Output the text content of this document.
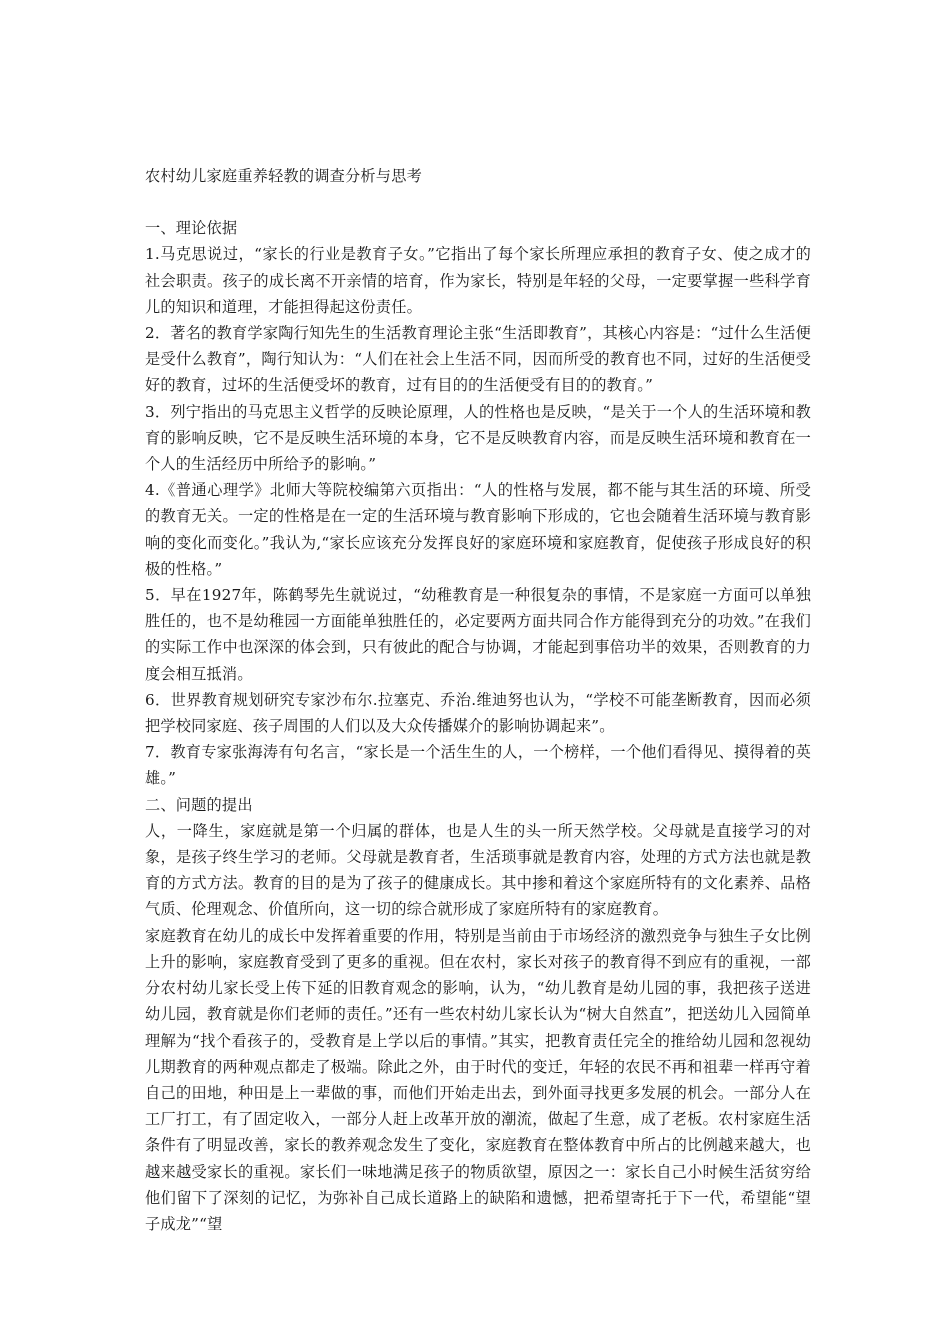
农村幼儿家庭重养轻教的调查分析与思考

一、理论依据

1.马克思说过，“家长的行业是教育子女。”它指出了每个家长所理应承担的教育子女、使之成才的社会职责。孩子的成长离不开亲情的培育，作为家长，特别是年轻的父母，一定要掌握一些科学育儿的知识和道理，才能担得起这份责任。

2．著名的教育学家陶行知先生的生活教育理论主张“生活即教育”，其核心内容是：“过什么生活便是受什么教育”，陶行知认为：“人们在社会上生活不同，因而所受的教育也不同，过好的生活便受好的教育，过坏的生活便受坏的教育，过有目的的生活便受有目的的教育。”

3．列宁指出的马克思主义哲学的反映论原理，人的性格也是反映，“是关于一个人的生活环境和教育的影响反映，它不是反映生活环境的本身，它不是反映教育内容，而是反映生活环境和教育在一个人的生活经历中所给予的影响。”

4.《普通心理学》北师大等院校编第六页指出：“人的性格与发展，都不能与其生活的环境、所受的教育无关。一定的性格是在一定的生活环境与教育影响下形成的，它也会随着生活环境与教育影响的变化而变化。”我认为,“家长应该充分发挥良好的家庭环境和家庭教育，促使孩子形成良好的积极的性格。”

5．早在1927年，陈鹤琴先生就说过，“幼稚教育是一种很复杂的事情，不是家庭一方面可以单独胜任的，也不是幼稚园一方面能单独胜任的，必定要两方面共同合作方能得到充分的功效。”在我们的实际工作中也深深的体会到，只有彼此的配合与协调，才能起到事倍功半的效果，否则教育的力度会相互抵消。

6．世界教育规划研究专家沙布尔.拉塞克、乔治.维迪努也认为，“学校不可能垄断教育，因而必须把学校同家庭、孩子周围的人们以及大众传播媒介的影响协调起来”。

7．教育专家张海涛有句名言，“家长是一个活生生的人，一个榜样，一个他们看得见、摸得着的英雄。”

二、问题的提出

人，一降生，家庭就是第一个归属的群体，也是人生的头一所天然学校。父母就是直接学习的对象，是孩子终生学习的老师。父母就是教育者，生活琐事就是教育内容，处理的方式方法也就是教育的方式方法。教育的目的是为了孩子的健康成长。其中掺和着这个家庭所特有的文化素养、品格气质、伦理观念、价值所向，这一切的综合就形成了家庭所特有的家庭教育。

家庭教育在幼儿的成长中发挥着重要的作用，特别是当前由于市场经济的激烈竞争与独生子女比例上升的影响，家庭教育受到了更多的重视。但在农村，家长对孩子的教育得不到应有的重视，一部分农村幼儿家长受上传下延的旧教育观念的影响，认为，“幼儿教育是幼儿园的事，我把孩子送进幼儿园，教育就是你们老师的责任。”还有一些农村幼儿家长认为“树大自然直”，把送幼儿入园简单理解为“找个看孩子的，受教育是上学以后的事情。”其实，把教育责任完全的推给幼儿园和忽视幼儿期教育的两种观点都走了极端。除此之外，由于时代的变迁，年轻的农民不再和祖辈一样再守着自己的田地，种田是上一辈做的事，而他们开始走出去，到外面寻找更多发展的机会。一部分人在工厂打工，有了固定收入，一部分人赶上改革开放的潮流，做起了生意，成了老板。农村家庭生活条件有了明显改善，家长的教养观念发生了变化，家庭教育在整体教育中所占的比例越来越大，也越来越受家长的重视。家长们一味地满足孩子的物质欲望，原因之一：家长自己小时候生活贫穷给他们留下了深刻的记忆，为弥补自己成长道路上的缺陷和遗憾，把希望寄托于下一代，希望能“望子成龙”“望
